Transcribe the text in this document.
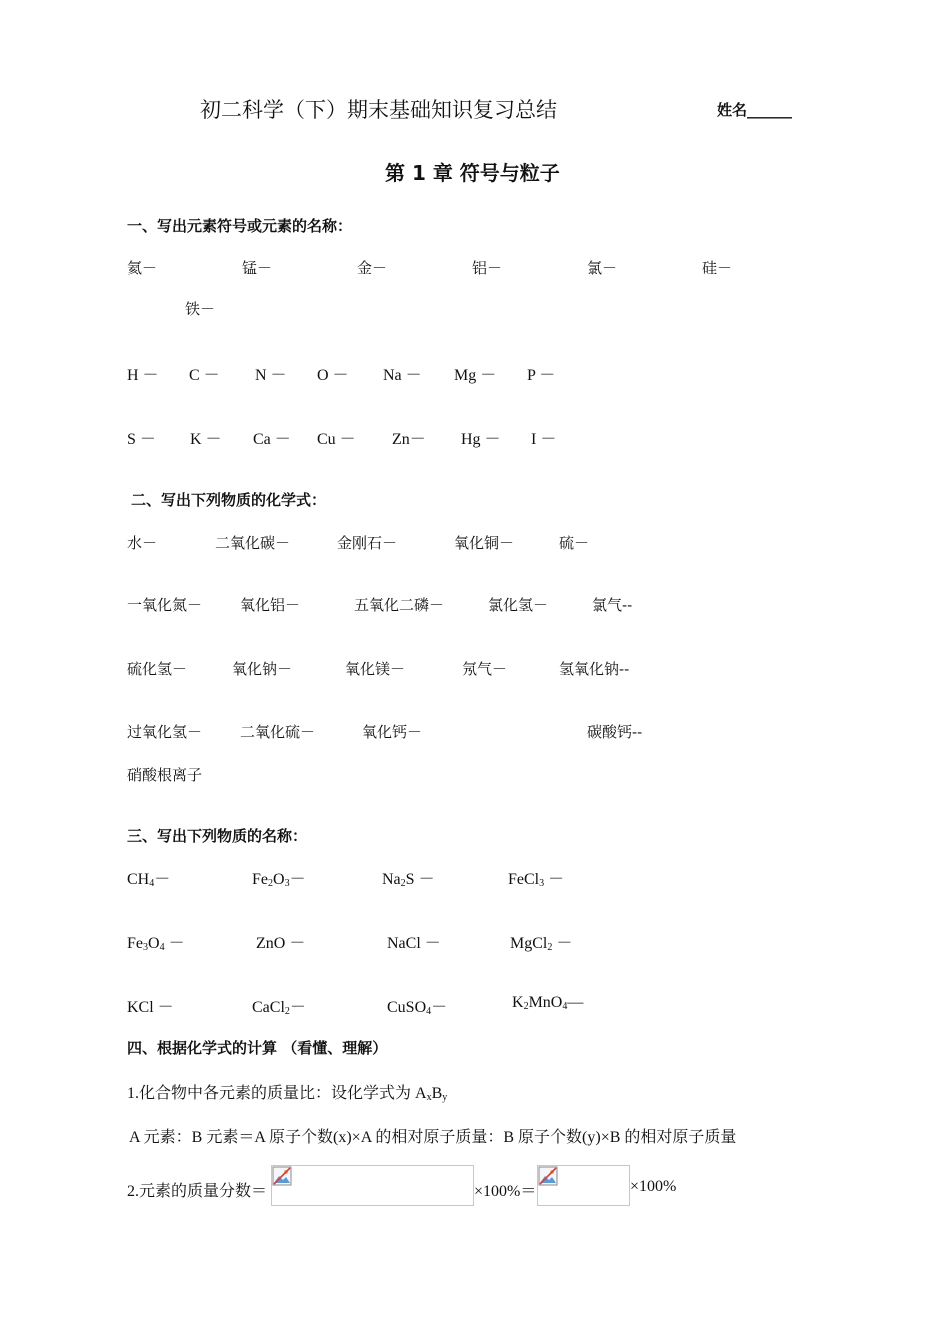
初二科学（下）期末基础知识复习总结	姓名______
第 1 章 符号与粒子
一、写出元素符号或元素的名称：
氦－	锰－	金－	铝－	氯－	硅－
铁－
H － C － N － O － Na － Mg － P －
S － K － Ca － Cu － Zn－ Hg － I －
二、写出下列物质的化学式：
水－	二氧化碳－	金刚石－	氧化铜－	硫－
一氧化氮－	氧化铝－	五氧化二磷－	氯化氢－	氯气--
硫化氢－	氧化钠－	氧化镁－	氖气－	氢氧化钠--
过氧化氢－	二氧化硫－	氧化钙－	碳酸钙--
硝酸根离子
三、写出下列物质的名称：
$CH_4-$	$Fe_2O_3-$	$Na_2S$ －	FeCl$_3$ －
$Fe_3O_4$ －	ZnO －	NaCl －	MgCl$_2$ －
KCl －	CaCl$_2$－	CuSO$_4$－	$K_2MnO_4—$
四、根据化学式的计算 （看懂、理解）
1.化合物中各元素的质量比：设化学式为 $A_xB_y$
A 元素：B 元素＝A 原子个数(x)×A 的相对原子质量：B 原子个数(y)×B 的相对原子质量
2.元素的质量分数＝	×100%＝	×100%
